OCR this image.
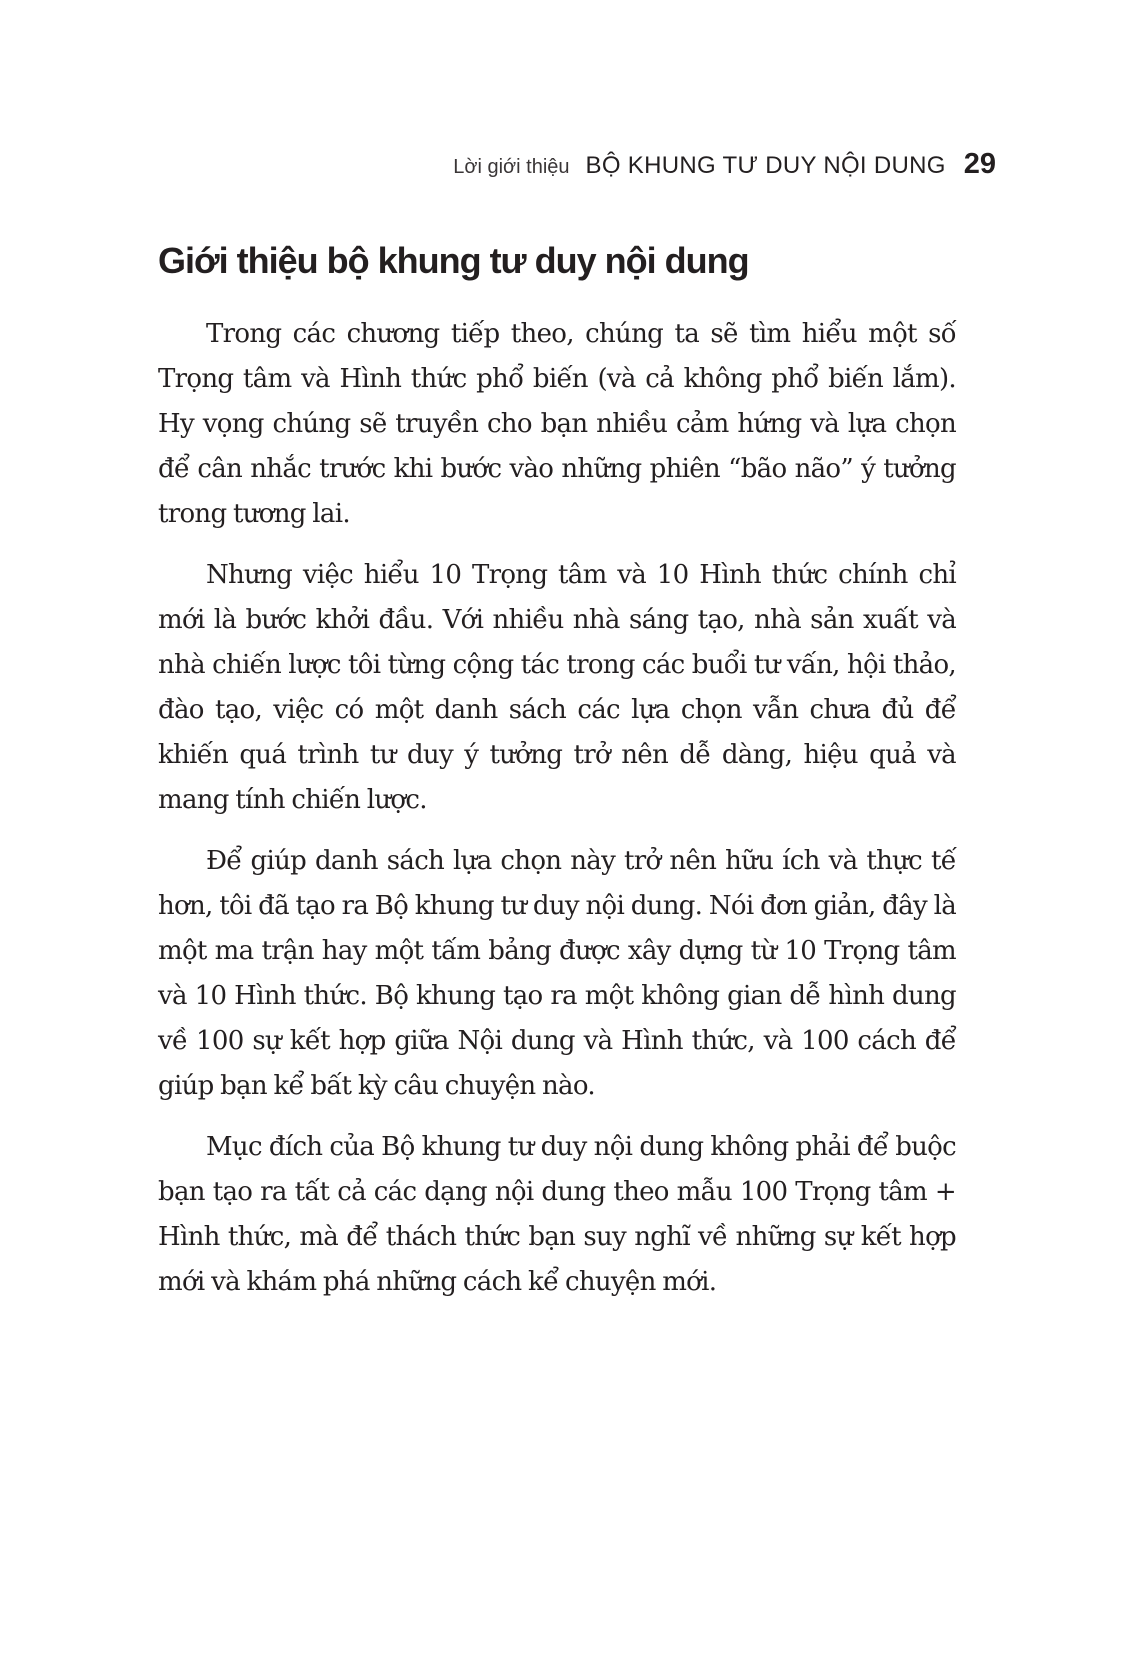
Lời giới thiệu BỘ KHUNG TƯ DUY NỘI DUNG 29
Giới thiệu bộ khung tư duy nội dung

Trong các chương tiếp theo, chúng ta sẽ tìm hiểu một số Trọng tâm và Hình thức phổ biến (và cả không phổ biến lắm). Hy vọng chúng sẽ truyền cho bạn nhiều cảm hứng và lựa chọn để cân nhắc trước khi bước vào những phiên “bão não” ý tưởng trong tương lai.

Nhưng việc hiểu 10 Trọng tâm và 10 Hình thức chính chỉ mới là bước khởi đầu. Với nhiều nhà sáng tạo, nhà sản xuất và nhà chiến lược tôi từng cộng tác trong các buổi tư vấn, hội thảo, đào tạo, việc có một danh sách các lựa chọn vẫn chưa đủ để khiến quá trình tư duy ý tưởng trở nên dễ dàng, hiệu quả và mang tính chiến lược.

Để giúp danh sách lựa chọn này trở nên hữu ích và thực tế hơn, tôi đã tạo ra Bộ khung tư duy nội dung. Nói đơn giản, đây là một ma trận hay một tấm bảng được xây dựng từ 10 Trọng tâm và 10 Hình thức. Bộ khung tạo ra một không gian dễ hình dung về 100 sự kết hợp giữa Nội dung và Hình thức, và 100 cách để giúp bạn kể bất kỳ câu chuyện nào.

Mục đích của Bộ khung tư duy nội dung không phải để buộc bạn tạo ra tất cả các dạng nội dung theo mẫu 100 Trọng tâm + Hình thức, mà để thách thức bạn suy nghĩ về những sự kết hợp mới và khám phá những cách kể chuyện mới.
